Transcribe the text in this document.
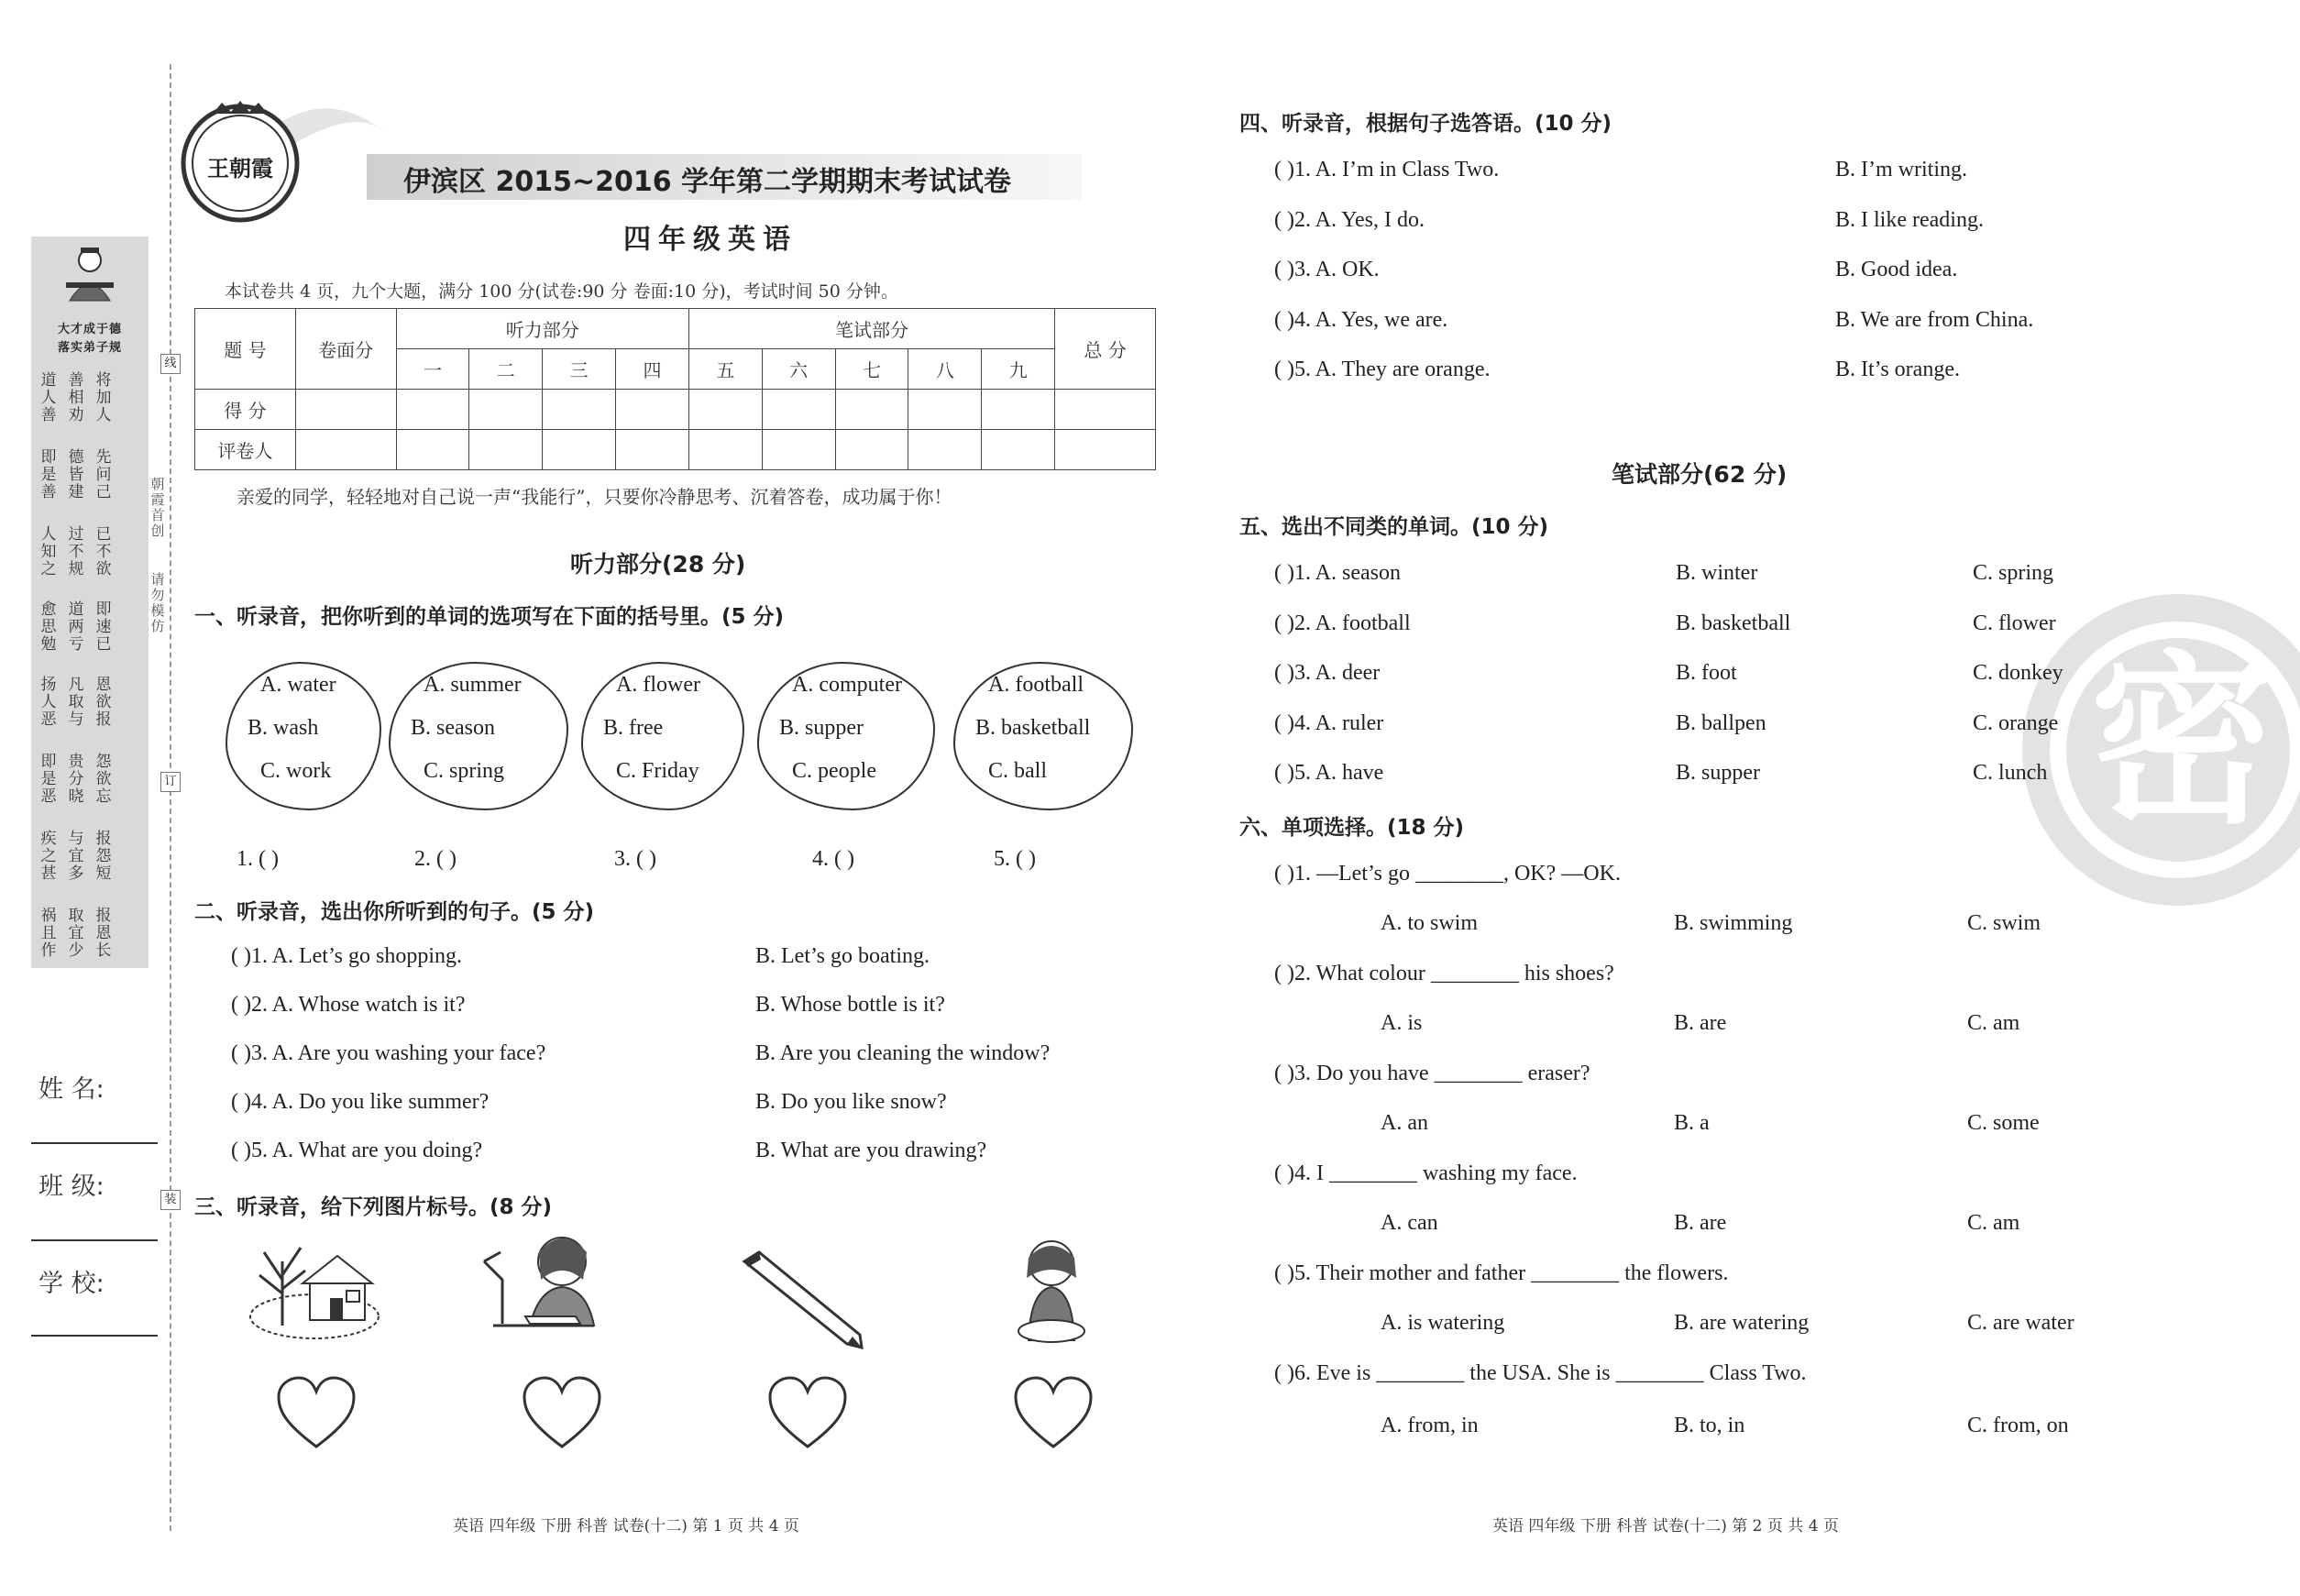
大才成于德
落实弟子规
道人善
善相劝
将加人
即是善
德皆建
先问己
人知之
过不规
已不欲
愈思勉
道两亏
即速已
扬人恶
凡取与
恩欲报
即是恶
贵分晓
怨欲忘
疾之甚
与宜多
报怨短
祸且作
取宜少
报恩长
姓 名:
班 级:
学 校:
线
订
装
朝霞首创
请勿模仿
王朝霞	伊滨区 2015~2016 学年第二学期期末考试试卷
四年级英语
本试卷共 4 页，九个大题，满分 100 分(试卷:90 分 卷面:10 分)，考试时间 50 分钟。
题 号	卷面分	听力部分				笔试部分					总 分
		一	二	三	四	五	六	七	八	九	
得 分											
评卷人											
亲爱的同学，轻轻地对自己说一声“我能行”，只要你冷静思考、沉着答卷，成功属于你！
听力部分(28 分)
一、听录音，把你听到的单词的选项写在下面的括号里。(5 分)
A. water
B. wash
C. work
A. summer
B. season
C. spring
A. flower
B. free
C. Friday
A. computer
B. supper
C. people
A. football
B. basketball
C. ball
1. ( )	2. ( )	3. ( )	4. ( )	5. ( )
二、听录音，选出你所听到的句子。(5 分)
( )1. A. Let’s go shopping.	B. Let’s go boating.
( )2. A. Whose watch is it?	B. Whose bottle is it?
( )3. A. Are you washing your face?	B. Are you cleaning the window?
( )4. A. Do you like summer?	B. Do you like snow?
( )5. A. What are you doing?	B. What are you drawing?
三、听录音，给下列图片标号。(8 分)
英语 四年级 下册 科普 试卷(十二) 第 1 页 共 4 页
密
四、听录音，根据句子选答语。(10 分)
( )1. A. I’m in Class Two.	B. I’m writing.
( )2. A. Yes, I do.	B. I like reading.
( )3. A. OK.	B. Good idea.
( )4. A. Yes, we are.	B. We are from China.
( )5. A. They are orange.	B. It’s orange.
笔试部分(62 分)
五、选出不同类的单词。(10 分)
( )1. A. season	B. winter	C. spring
( )2. A. football	B. basketball	C. flower
( )3. A. deer	B. foot	C. donkey
( )4. A. ruler	B. ballpen	C. orange
( )5. A. have	B. supper	C. lunch
六、单项选择。(18 分)
( )1. —Let’s go ________, OK? —OK.
A. to swim	B. swimming	C. swim
( )2. What colour ________ his shoes?
A. is	B. are	C. am
( )3. Do you have ________ eraser?
A. an	B. a	C. some
( )4. I ________ washing my face.
A. can	B. are	C. am
( )5. Their mother and father ________ the flowers.
A. is watering	B. are watering	C. are water
( )6. Eve is ________ the USA. She is ________ Class Two.
A. from, in	B. to, in	C. from, on
英语 四年级 下册 科普 试卷(十二) 第 2 页 共 4 页
